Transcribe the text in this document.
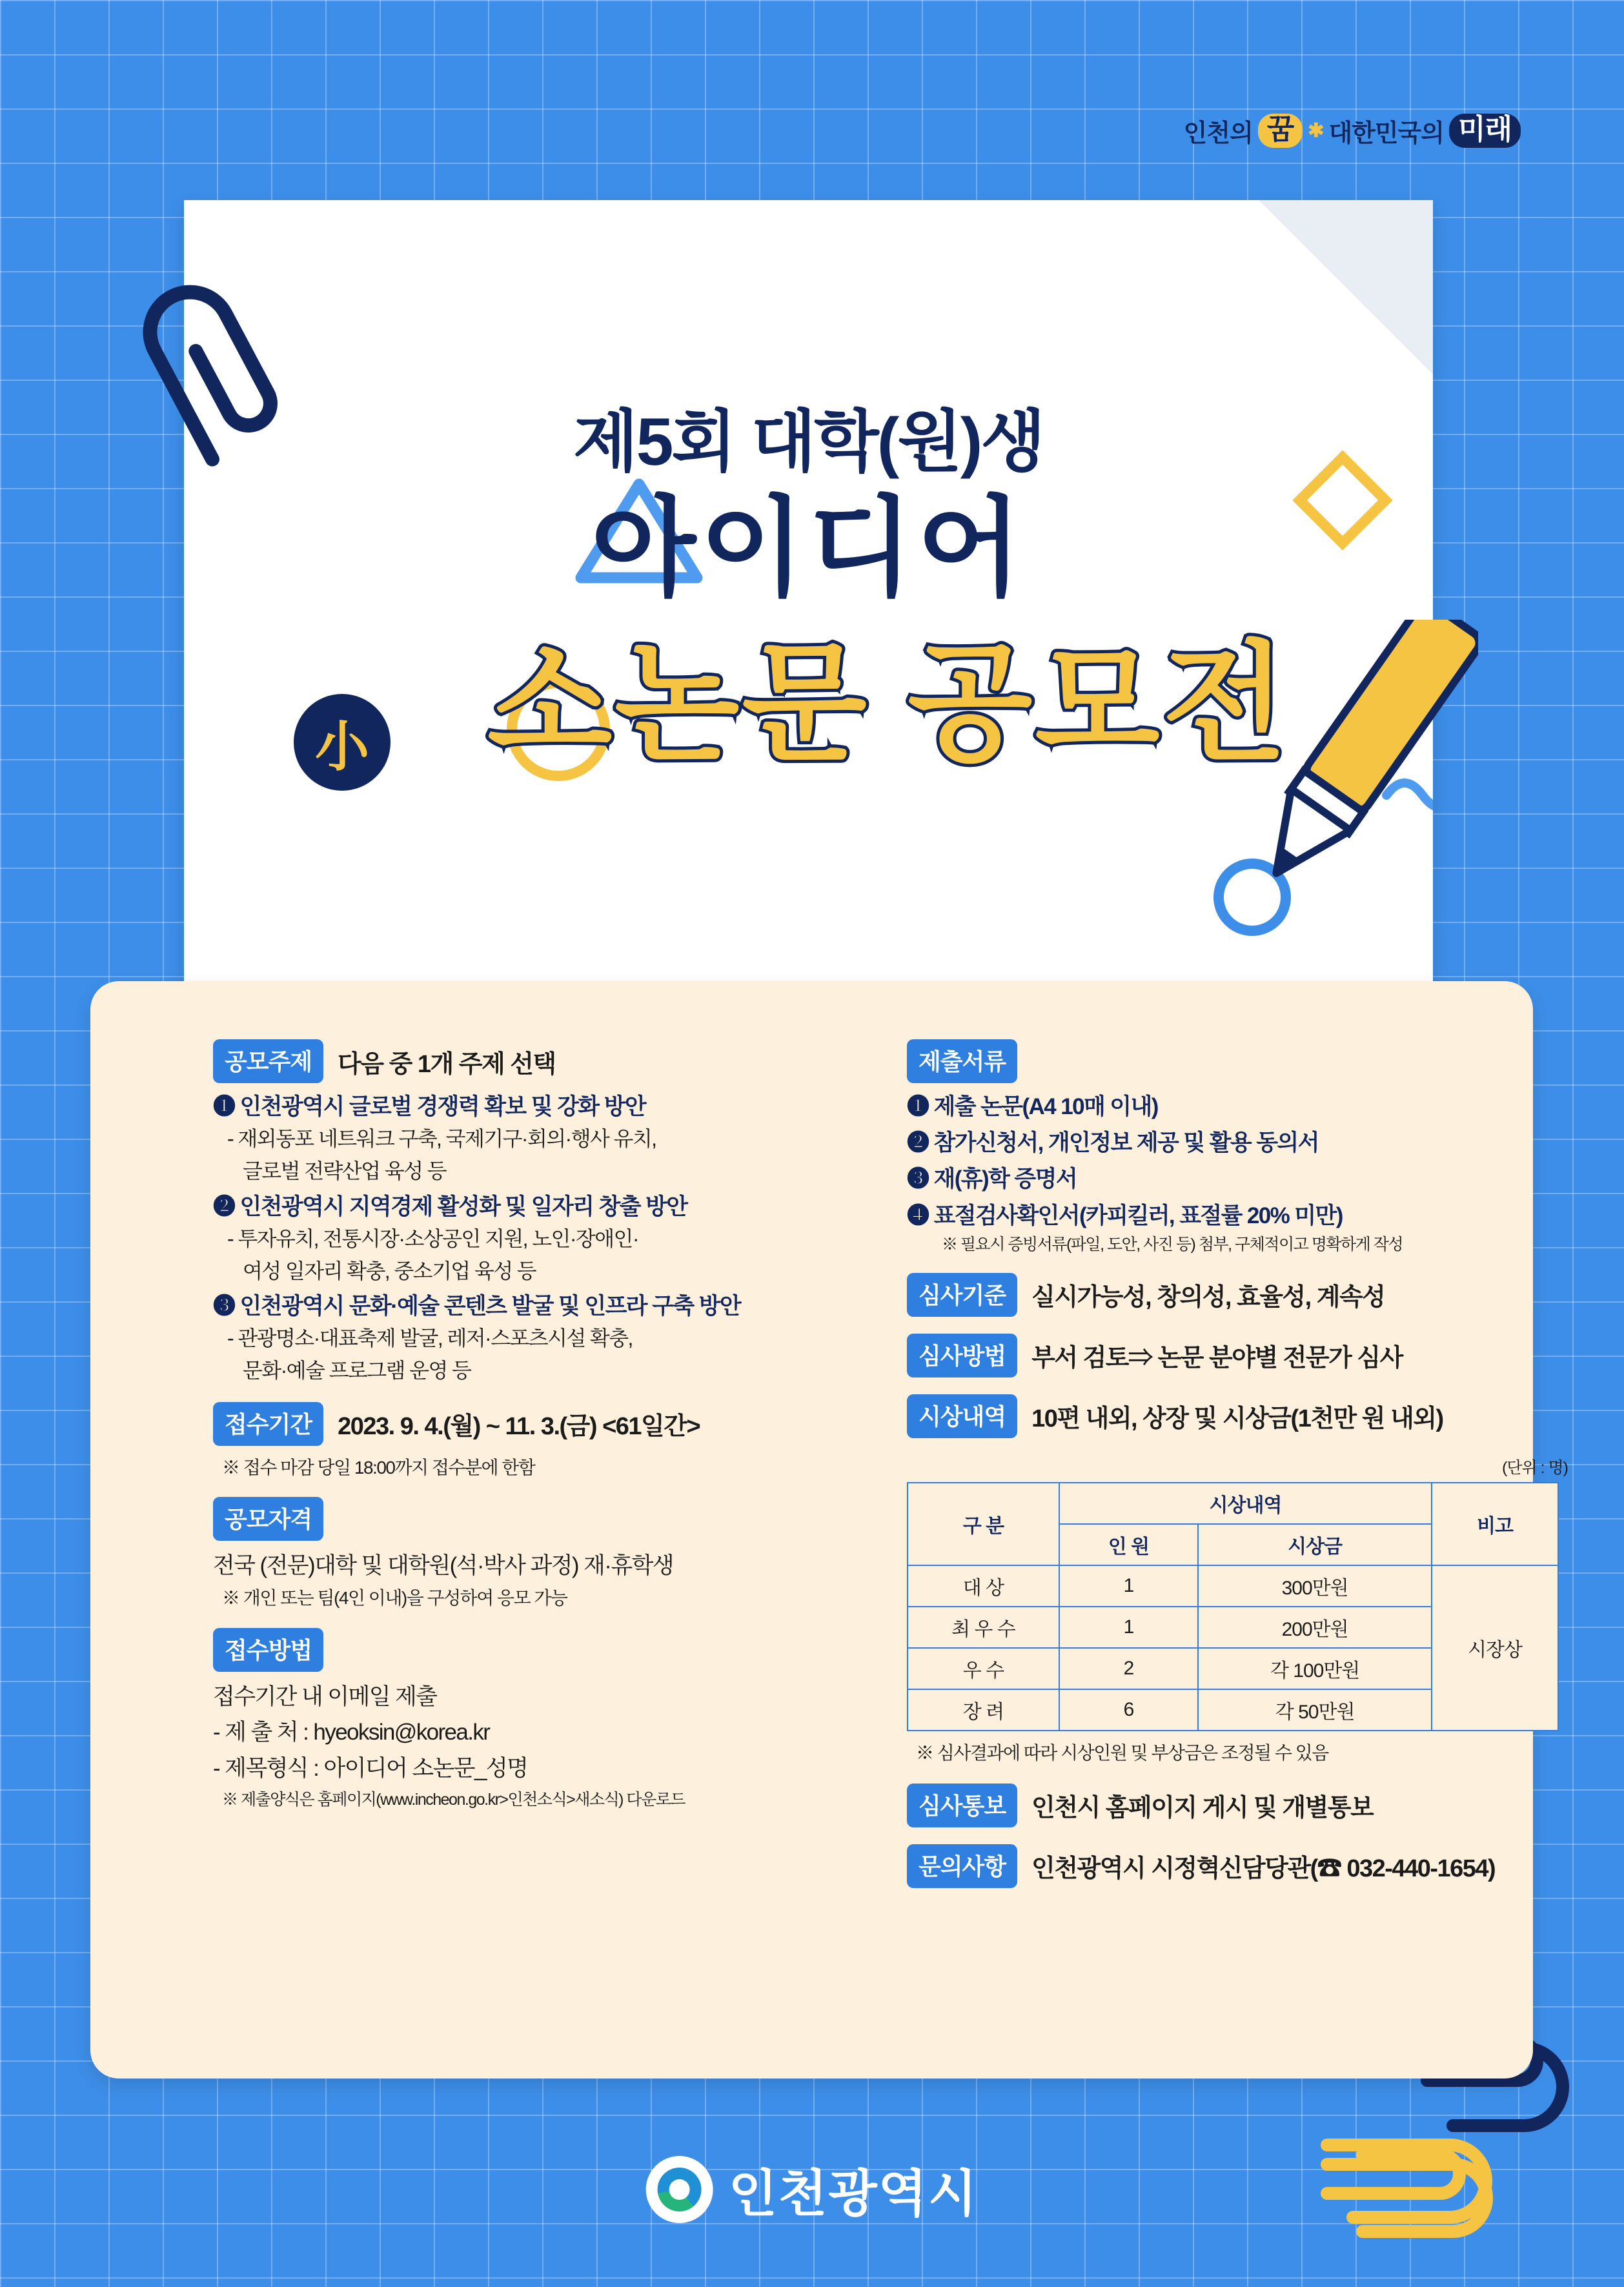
인천의 꿈 ✱ 대한민국의 미래
제5회 대학(원)생
아이디어
소논문 공모전
小
공모주제	다음 중 1개 주제 선택
❶ 인천광역시 글로벌 경쟁력 확보 및 강화 방안
- 재외동포 네트워크 구축, 국제기구·회의·행사 유치,
글로벌 전략산업 육성 등
❷ 인천광역시 지역경제 활성화 및 일자리 창출 방안
- 투자유치, 전통시장·소상공인 지원, 노인·장애인·
여성 일자리 확충, 중소기업 육성 등
❸ 인천광역시 문화·예술 콘텐츠 발굴 및 인프라 구축 방안
- 관광명소·대표축제 발굴, 레저·스포츠시설 확충,
문화·예술 프로그램 운영 등
접수기간	2023. 9. 4.(월) ~ 11. 3.(금) <61일간>
※ 접수 마감 당일 18:00까지 접수분에 한함
공모자격
전국 (전문)대학 및 대학원(석·박사 과정) 재·휴학생
※ 개인 또는 팀(4인 이내)을 구성하여 응모 가능
접수방법
접수기간 내 이메일 제출
- 제 출 처 : hyeoksin@korea.kr
- 제목형식 : 아이디어 소논문_성명
※ 제출양식은 홈페이지(www.incheon.go.kr>인천소식>새소식) 다운로드
제출서류
❶ 제출 논문(A4 10매 이내)
❷ 참가신청서, 개인정보 제공 및 활용 동의서
❸ 재(휴)학 증명서
❹ 표절검사확인서(카피킬러, 표절률 20% 미만)
※ 필요시 증빙서류(파일, 도안, 사진 등) 첨부, 구체적이고 명확하게 작성
심사기준	실시가능성, 창의성, 효율성, 계속성
심사방법	부서 검토⇒ 논문 분야별 전문가 심사
시상내역	10편 내외, 상장 및 시상금(1천만 원 내외)
(단위 : 명)
구 분	시상내역		비고
	인 원	시상금	
대 상	1	300만원	시장상
최 우 수	1	200만원	
우 수	2	각 100만원	
장 려	6	각 50만원	
※ 심사결과에 따라 시상인원 및 부상금은 조정될 수 있음
심사통보	인천시 홈페이지 게시 및 개별통보
문의사항	인천광역시 시정혁신담당관(☎ 032-440-1654)
인천광역시
